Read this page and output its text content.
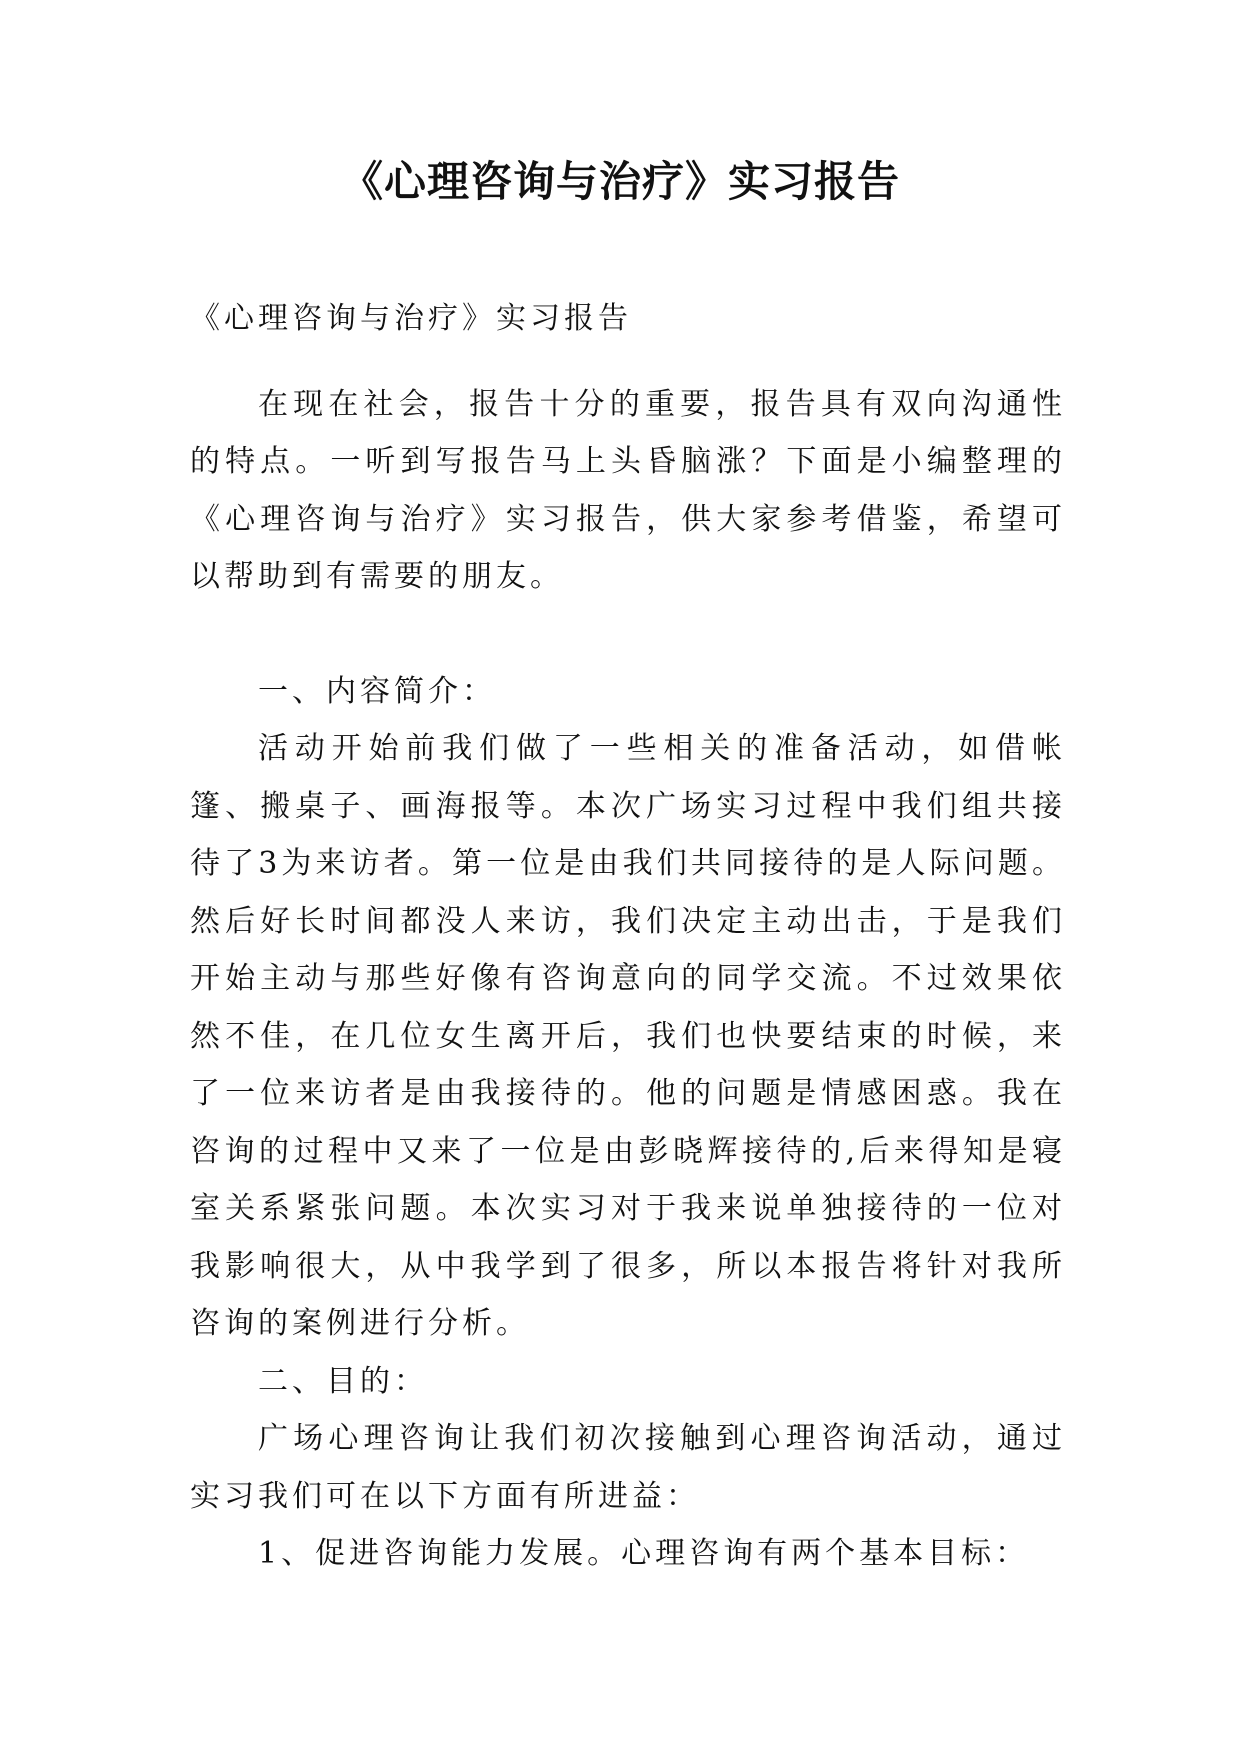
《心理咨询与治疗》实习报告

《心理咨询与治疗》实习报告

在现在社会，报告十分的重要，报告具有双向沟通性的特点。一听到写报告马上头昏脑涨？下面是小编整理的《心理咨询与治疗》实习报告，供大家参考借鉴，希望可以帮助到有需要的朋友。

一、内容简介：

活动开始前我们做了一些相关的准备活动，如借帐篷、搬桌子、画海报等。本次广场实习过程中我们组共接待了3为来访者。第一位是由我们共同接待的是人际问题。然后好长时间都没人来访，我们决定主动出击，于是我们开始主动与那些好像有咨询意向的同学交流。不过效果依然不佳，在几位女生离开后，我们也快要结束的时候，来了一位来访者是由我接待的。他的问题是情感困惑。我在咨询的过程中又来了一位是由彭晓辉接待的,后来得知是寝室关系紧张问题。本次实习对于我来说单独接待的一位对我影响很大，从中我学到了很多，所以本报告将针对我所咨询的案例进行分析。

二、目的：

广场心理咨询让我们初次接触到心理咨询活动，通过实习我们可在以下方面有所进益：

1、促进咨询能力发展。心理咨询有两个基本目标：
